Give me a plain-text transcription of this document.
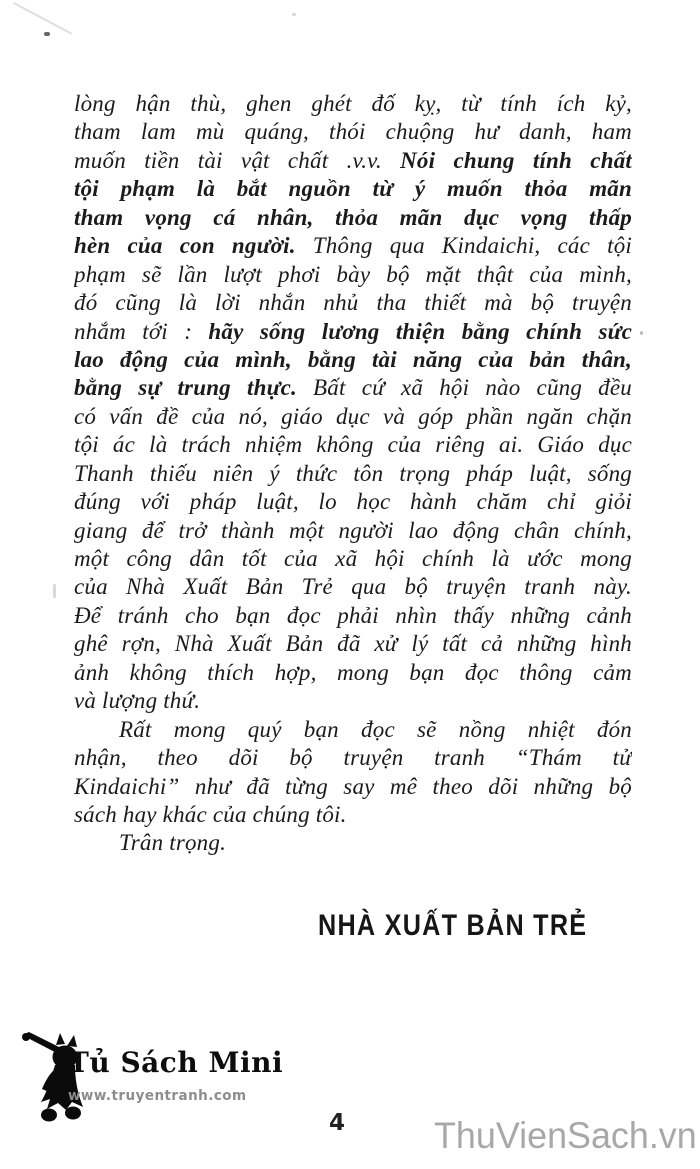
lòng hận thù, ghen ghét đố kỵ, từ tính ích kỷ,
tham lam mù quáng, thói chuộng hư danh, ham
muốn tiền tài vật chất .v.v. Nói chung tính chất
tội phạm là bắt nguồn từ ý muốn thỏa mãn
tham vọng cá nhân, thỏa mãn dục vọng thấp
hèn của con người. Thông qua Kindaichi, các tội
phạm sẽ lần lượt phơi bày bộ mặt thật của mình,
đó cũng là lời nhắn nhủ tha thiết mà bộ truyện
nhắm tới : hãy sống lương thiện bằng chính sức
lao động của mình, bằng tài năng của bản thân,
bằng sự trung thực. Bất cứ xã hội nào cũng đều
có vấn đề của nó, giáo dục và góp phần ngăn chặn
tội ác là trách nhiệm không của riêng ai. Giáo dục
Thanh thiếu niên ý thức tôn trọng pháp luật, sống
đúng với pháp luật, lo học hành chăm chỉ giỏi
giang để trở thành một người lao động chân chính,
một công dân tốt của xã hội chính là ước mong
của Nhà Xuất Bản Trẻ qua bộ truyện tranh này.
Để tránh cho bạn đọc phải nhìn thấy những cảnh
ghê rợn, Nhà Xuất Bản đã xử lý tất cả những hình
ảnh không thích hợp, mong bạn đọc thông cảm
và lượng thứ.
Rất mong quý bạn đọc sẽ nồng nhiệt đón
nhận, theo dõi bộ truyện tranh “Thám tử
Kindaichi” như đã từng say mê theo dõi những bộ
sách hay khác của chúng tôi.
Trân trọng.
NHÀ XUẤT BẢN TRẺ
Tủ Sách Mini
www.truyentranh.com
4 ThuVienSach.vn
